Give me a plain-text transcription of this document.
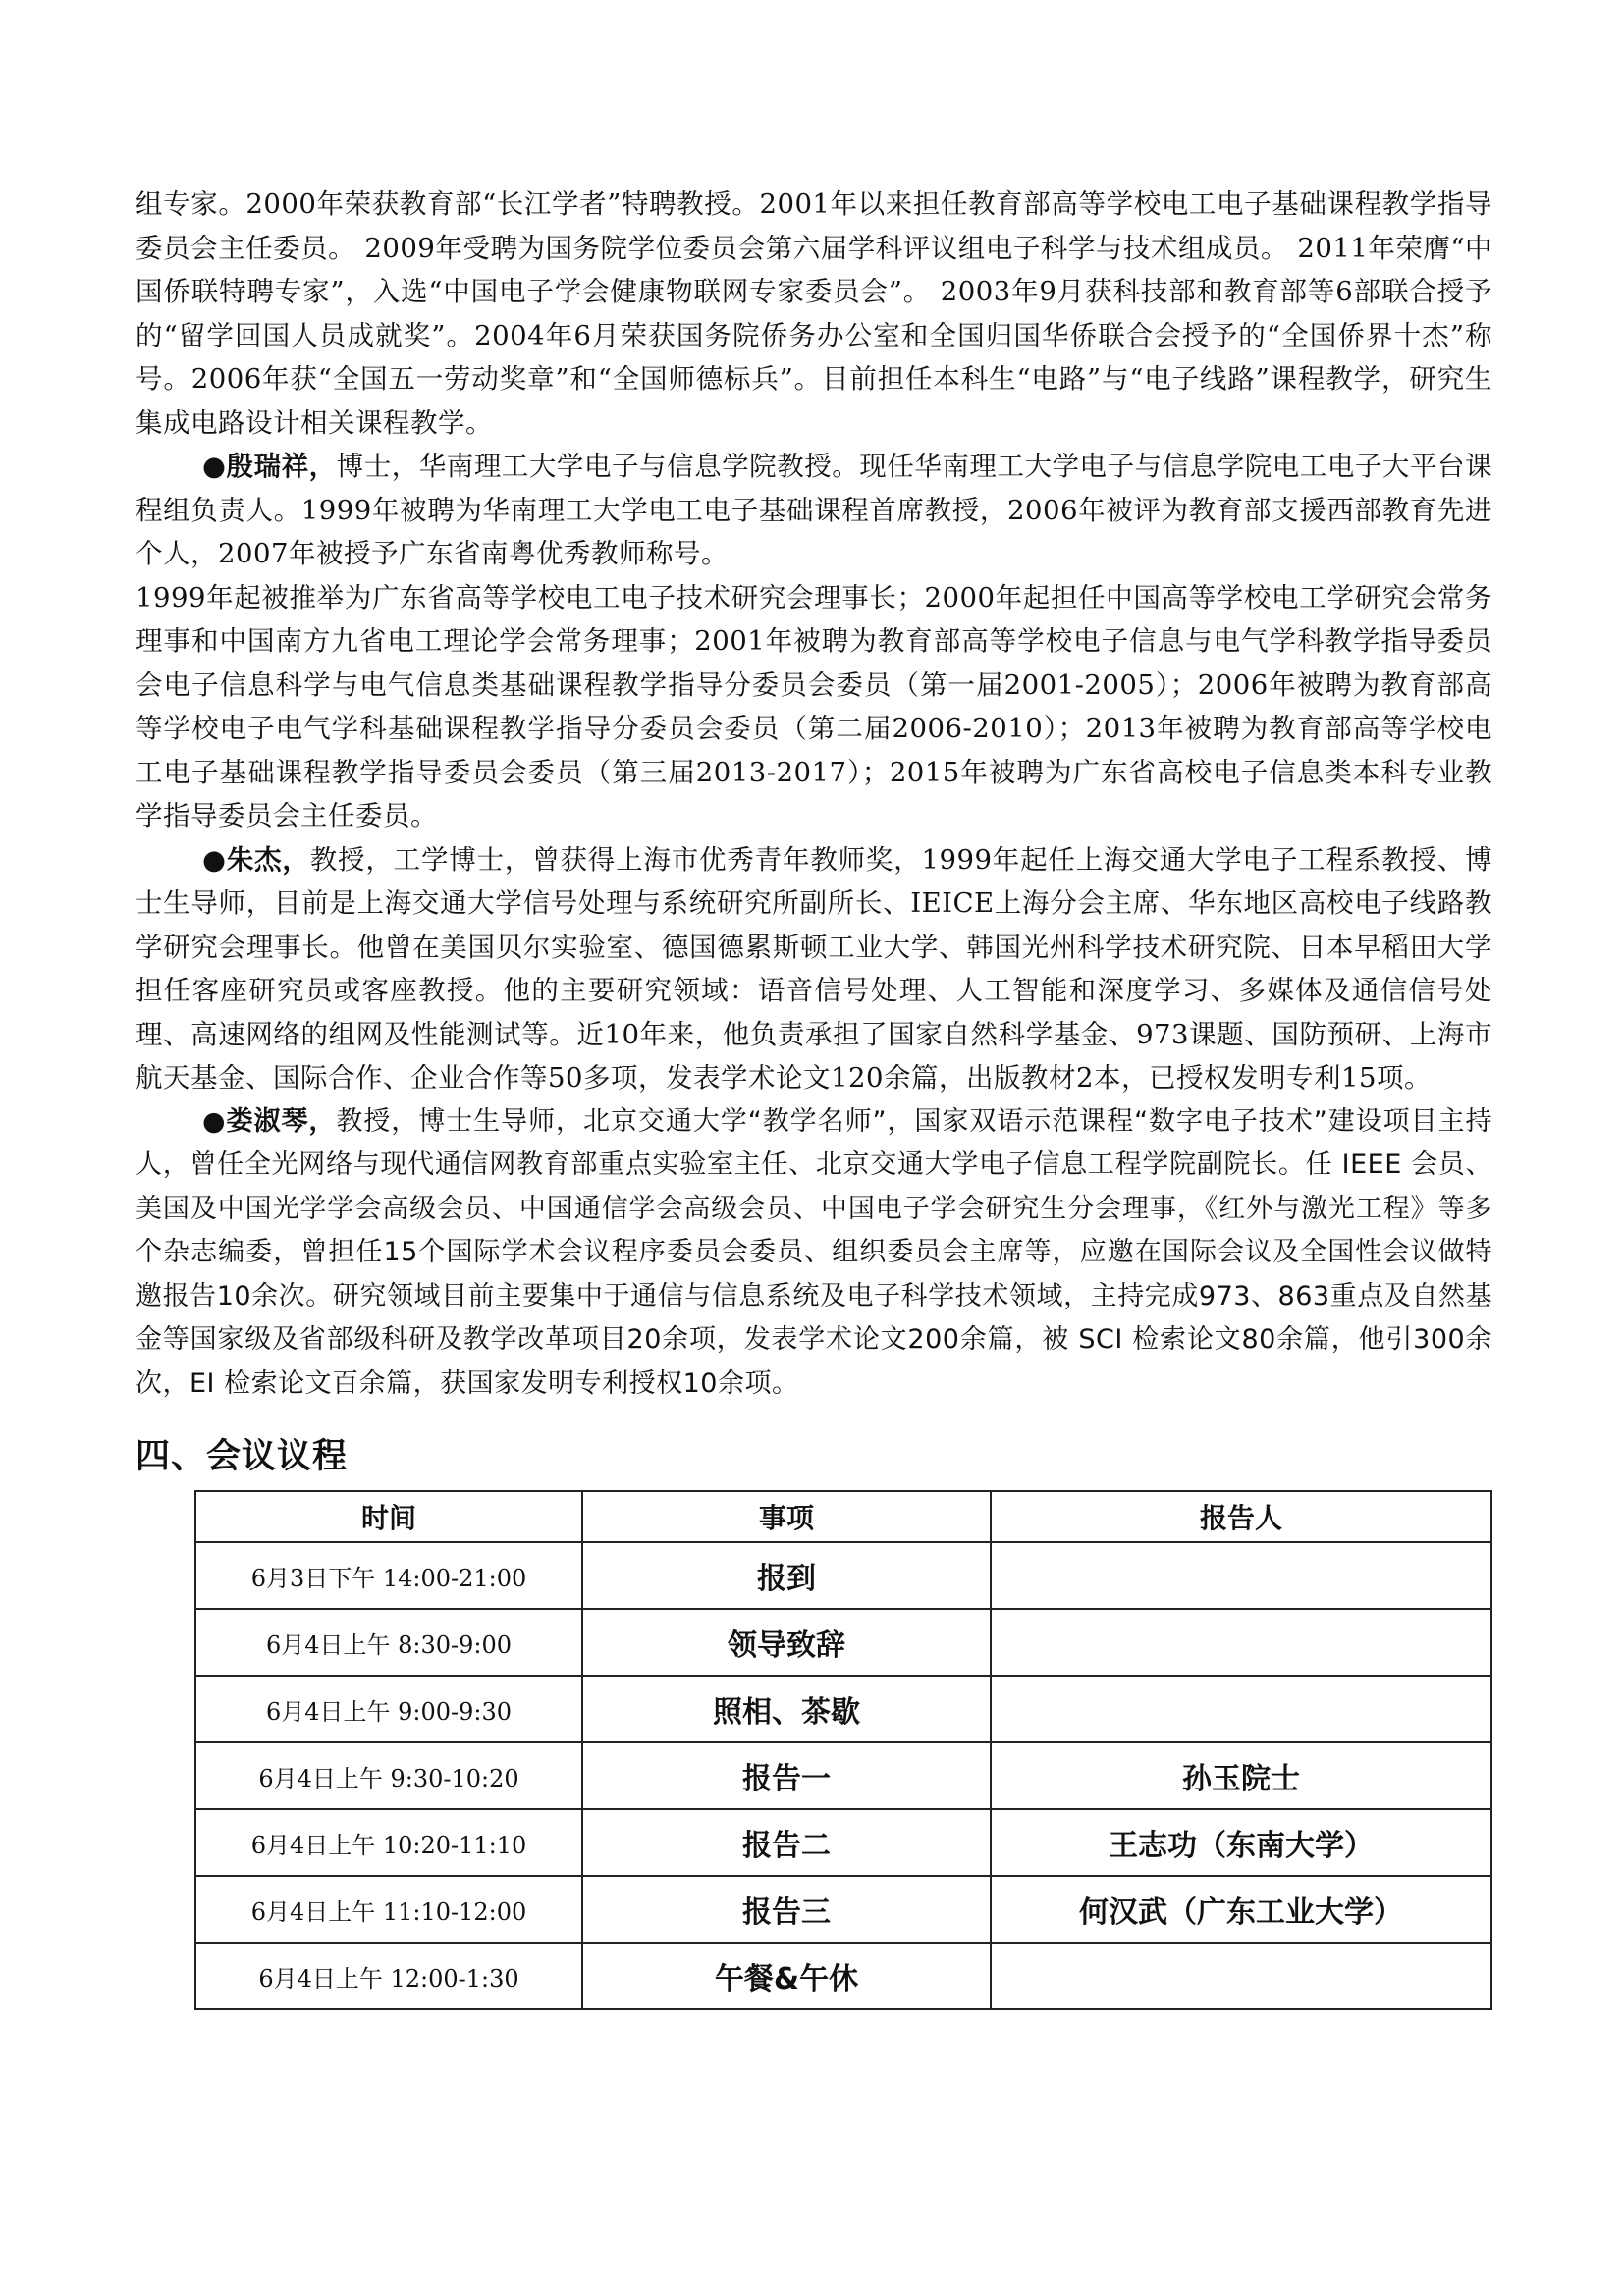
组专家。2000年荣获教育部“长江学者”特聘教授。2001年以来担任教育部高等学校电工电子基础课程教学指导委员会主任委员。 2009年受聘为国务院学位委员会第六届学科评议组电子科学与技术组成员。 2011年荣膺“中国侨联特聘专家”，入选“中国电子学会健康物联网专家委员会”。 2003年9月获科技部和教育部等6部联合授予的“留学回国人员成就奖”。2004年6月荣获国务院侨务办公室和全国归国华侨联合会授予的“全国侨界十杰”称号。2006年获“全国五一劳动奖章”和“全国师德标兵”。目前担任本科生“电路”与“电子线路”课程教学，研究生集成电路设计相关课程教学。

●殷瑞祥，博士，华南理工大学电子与信息学院教授。现任华南理工大学电子与信息学院电工电子大平台课程组负责人。1999年被聘为华南理工大学电工电子基础课程首席教授，2006年被评为教育部支援西部教育先进个人，2007年被授予广东省南粤优秀教师称号。

1999年起被推举为广东省高等学校电工电子技术研究会理事长；2000年起担任中国高等学校电工学研究会常务理事和中国南方九省电工理论学会常务理事；2001年被聘为教育部高等学校电子信息与电气学科教学指导委员会电子信息科学与电气信息类基础课程教学指导分委员会委员（第一届2001-2005）；2006年被聘为教育部高等学校电子电气学科基础课程教学指导分委员会委员（第二届2006-2010）；2013年被聘为教育部高等学校电工电子基础课程教学指导委员会委员（第三届2013-2017）；2015年被聘为广东省高校电子信息类本科专业教学指导委员会主任委员。

●朱杰，教授，工学博士，曾获得上海市优秀青年教师奖，1999年起任上海交通大学电子工程系教授、博士生导师，目前是上海交通大学信号处理与系统研究所副所长、IEICE上海分会主席、华东地区高校电子线路教学研究会理事长。他曾在美国贝尔实验室、德国德累斯顿工业大学、韩国光州科学技术研究院、日本早稻田大学担任客座研究员或客座教授。他的主要研究领域：语音信号处理、人工智能和深度学习、多媒体及通信信号处理、高速网络的组网及性能测试等。近10年来，他负责承担了国家自然科学基金、973课题、国防预研、上海市航天基金、国际合作、企业合作等50多项，发表学术论文120余篇，出版教材2本，已授权发明专利15项。

●娄淑琴，教授，博士生导师，北京交通大学“教学名师”，国家双语示范课程“数字电子技术”建设项目主持人，曾任全光网络与现代通信网教育部重点实验室主任、北京交通大学电子信息工程学院副院长。任 IEEE 会员、美国及中国光学学会高级会员、中国通信学会高级会员、中国电子学会研究生分会理事，《红外与激光工程》等多个杂志编委，曾担任15个国际学术会议程序委员会委员、组织委员会主席等，应邀在国际会议及全国性会议做特邀报告10余次。研究领域目前主要集中于通信与信息系统及电子科学技术领域，主持完成973、863重点及自然基金等国家级及省部级科研及教学改革项目20余项，发表学术论文200余篇，被 SCI 检索论文80余篇，他引300余次，EI 检索论文百余篇，获国家发明专利授权10余项。

四、会议议程
时间	事项	报告人
6月3日下午 14:00-21:00	报到	
6月4日上午 8:30-9:00	领导致辞	
6月4日上午 9:00-9:30	照相、茶歇	
6月4日上午 9:30-10:20	报告一	孙玉院士
6月4日上午 10:20-11:10	报告二	王志功（东南大学）
6月4日上午 11:10-12:00	报告三	何汉武（广东工业大学）
6月4日上午 12:00-1:30	午餐&午休	
